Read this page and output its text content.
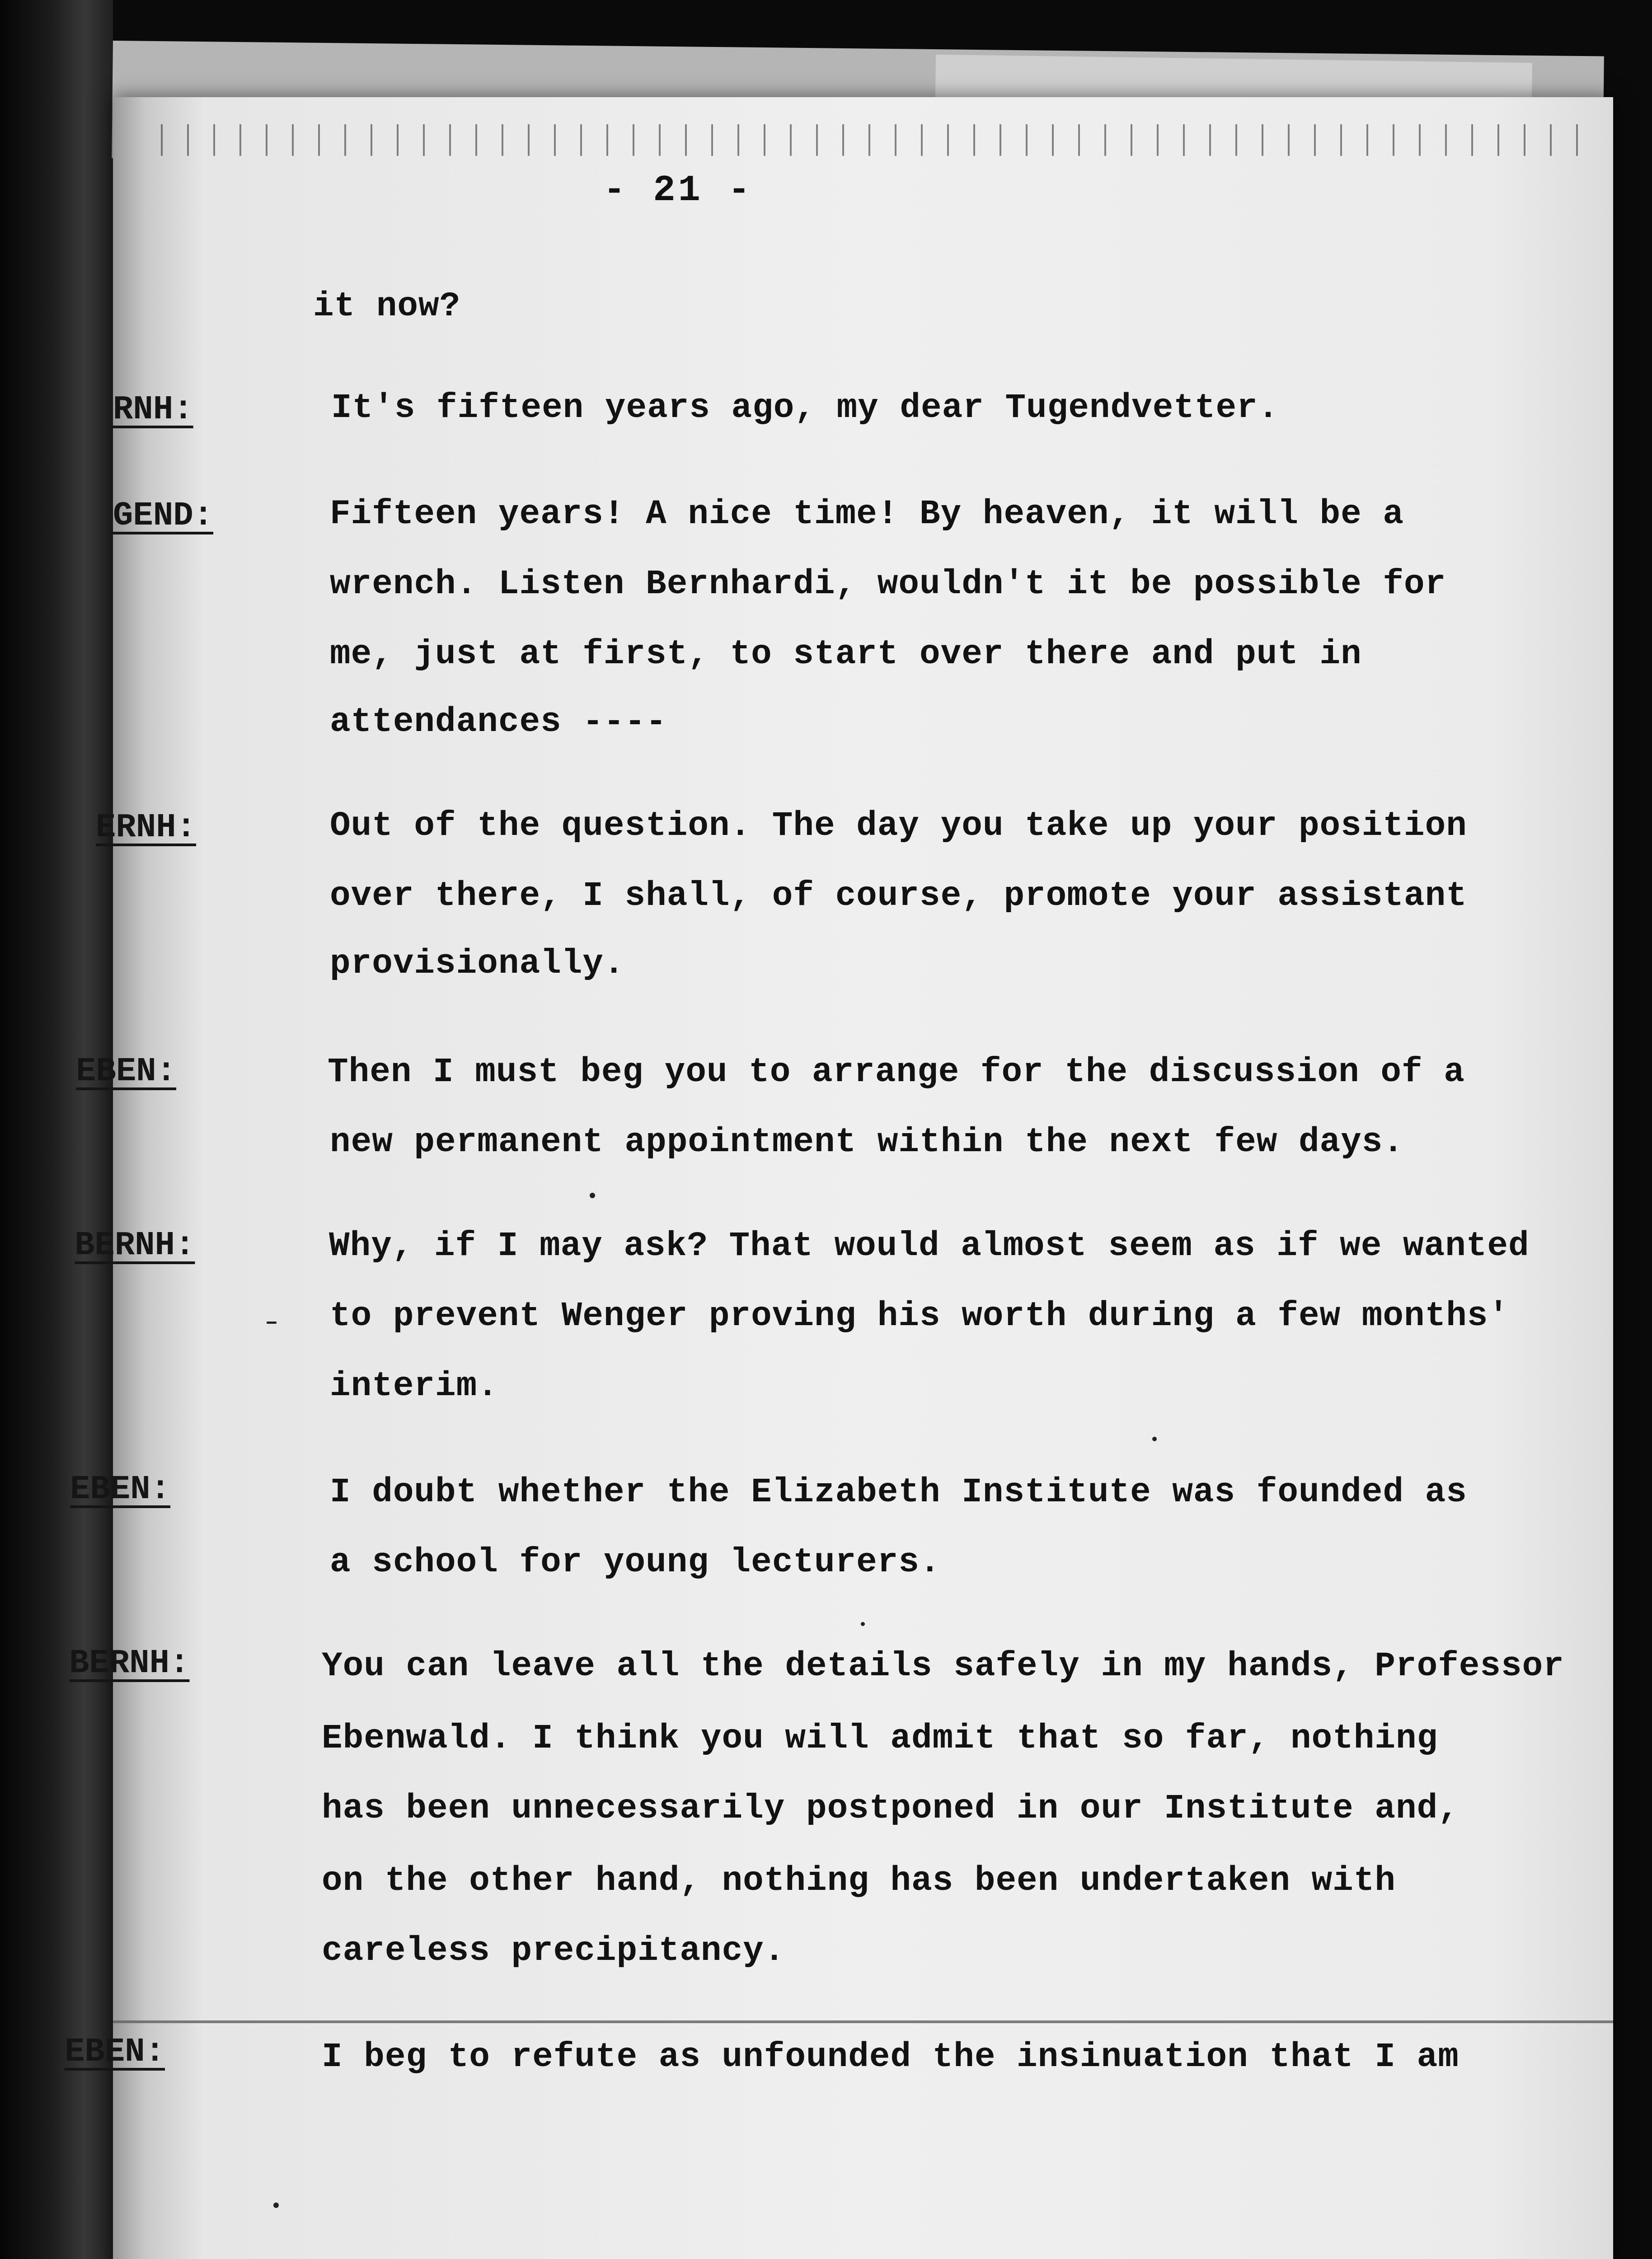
- 21 -
it now?
RNH:	It's fifteen years ago, my dear Tugendvetter.
GEND:	Fifteen years! A nice time! By heaven, it will be a
wrench. Listen Bernhardi, wouldn't it be possible for
me, just at first, to start over there and put in
attendances ----
ERNH:	Out of the question. The day you take up your position
over there, I shall, of course, promote your assistant
provisionally.
EBEN:	Then I must beg you to arrange for the discussion of a
new permanent appointment within the next few days.
BERNH:	Why, if I may ask? That would almost seem as if we wanted
to prevent Wenger proving his worth during a few months'
interim.
EBEN:	I doubt whether the Elizabeth Institute was founded as
a school for young lecturers.
BERNH:	You can leave all the details safely in my hands, Professor
Ebenwald. I think you will admit that so far, nothing
has been unnecessarily postponed in our Institute and,
on the other hand, nothing has been undertaken with
careless precipitancy.
EBEN:	I beg to refute as unfounded the insinuation that I am
